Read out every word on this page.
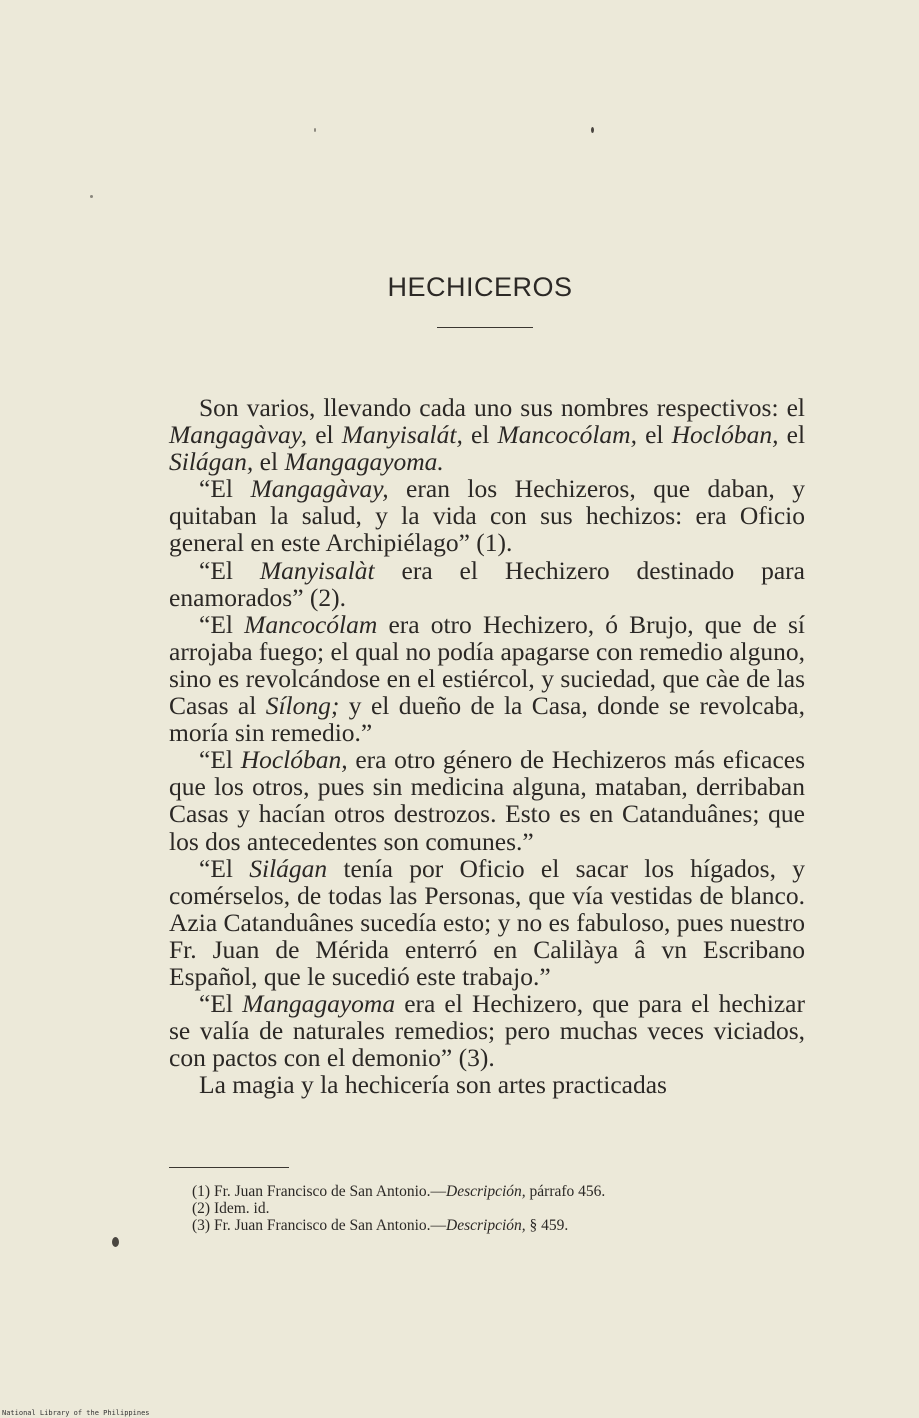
HECHICEROS

Son varios, llevando cada uno sus nombres respectivos: el Mangagàvay, el Manyisalát, el Mancocólam, el Hoclóban, el Silágan, el Mangagayoma.

“El Mangagàvay, eran los Hechizeros, que daban, y quitaban la salud, y la vida con sus hechizos: era Oficio general en este Archipiélago” (1).

“El Manyisalàt era el Hechizero destinado para enamorados” (2).

“El Mancocólam era otro Hechizero, ó Brujo, que de sí arrojaba fuego; el qual no podía apagarse con remedio alguno, sino es revolcándose en el estiércol, y suciedad, que càe de las Casas al Sílong; y el dueño de la Casa, donde se revolcaba, moría sin remedio.”

“El Hoclóban, era otro género de Hechizeros más eficaces que los otros, pues sin medicina alguna, mataban, derribaban Casas y hacían otros destrozos. Esto es en Catanduânes; que los dos antecedentes son comunes.”

“El Silágan tenía por Oficio el sacar los hígados, y comérselos, de todas las Personas, que vía vestidas de blanco. Azia Catanduânes sucedía esto; y no es fabuloso, pues nuestro Fr. Juan de Mérida enterró en Calilàya â vn Escribano Español, que le sucedió este trabajo.”

“El Mangagayoma era el Hechizero, que para el hechizar se valía de naturales remedios; pero muchas veces viciados, con pactos con el demonio” (3).

La magia y la hechicería son artes practicadas

(1) Fr. Juan Francisco de San Antonio.—Descripción, párrafo 456.

(2) Idem. id.

(3) Fr. Juan Francisco de San Antonio.—Descripción, § 459.

National Library of the Philippines
